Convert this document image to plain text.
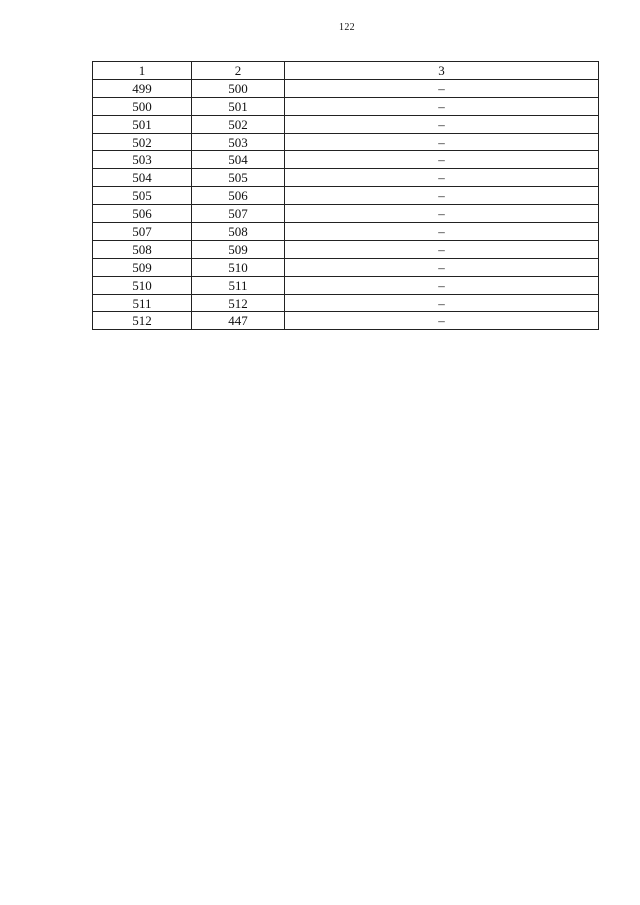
122
1	2	3
499	500	–
500	501	–
501	502	–
502	503	–
503	504	–
504	505	–
505	506	–
506	507	–
507	508	–
508	509	–
509	510	–
510	511	–
511	512	–
512	447	–
